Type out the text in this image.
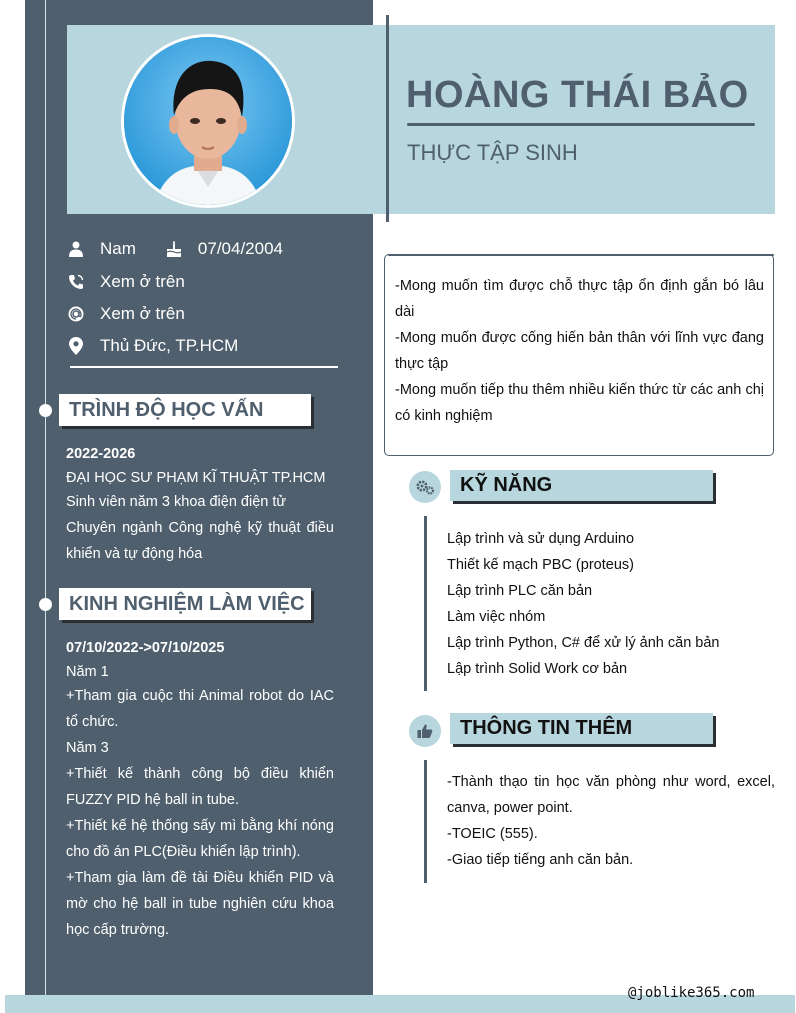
HOÀNG THÁI BẢO
THỰC TẬP SINH
Nam	07/04/2004
Xem ở trên
Xem ở trên
Thủ Đức, TP.HCM
TRÌNH ĐỘ HỌC VẤN
2022-2026
ĐẠI HỌC SƯ PHẠM KĨ THUẬT TP.HCM
Sinh viên năm 3 khoa điện điện tử
Chuyên ngành Công nghệ kỹ thuật điều khiển và tự động hóa
KINH NGHIỆM LÀM VIỆC
07/10/2022->07/10/2025
Năm 1
+Tham gia cuộc thi Animal robot do IAC tổ chức.
Năm 3
+Thiết kế thành công bộ điều khiển FUZZY PID hệ ball in tube.
+Thiết kế hệ thống sấy mì bằng khí nóng cho đồ án PLC(Điều khiển lập trình).
+Tham gia làm đề tài Điều khiển PID và mờ cho hệ ball in tube nghiên cứu khoa học cấp trường.
-Mong muốn tìm được chỗ thực tập ổn định gắn bó lâu dài
-Mong muốn được cống hiến bản thân với lĩnh vực đang thực tập
-Mong muốn tiếp thu thêm nhiều kiến thức từ các anh chị có kinh nghiệm
KỸ NĂNG
Lập trình và sử dụng Arduino
Thiết kế mạch PBC (proteus)
Lập trình PLC căn bản
Làm việc nhóm
Lập trình Python, C# để xử lý ảnh căn bản
Lập trình Solid Work cơ bản
THÔNG TIN THÊM
-Thành thạo tin học văn phòng như word, excel, canva, power point.
-TOEIC (555).
-Giao tiếp tiếng anh căn bản.
@joblike365.com
